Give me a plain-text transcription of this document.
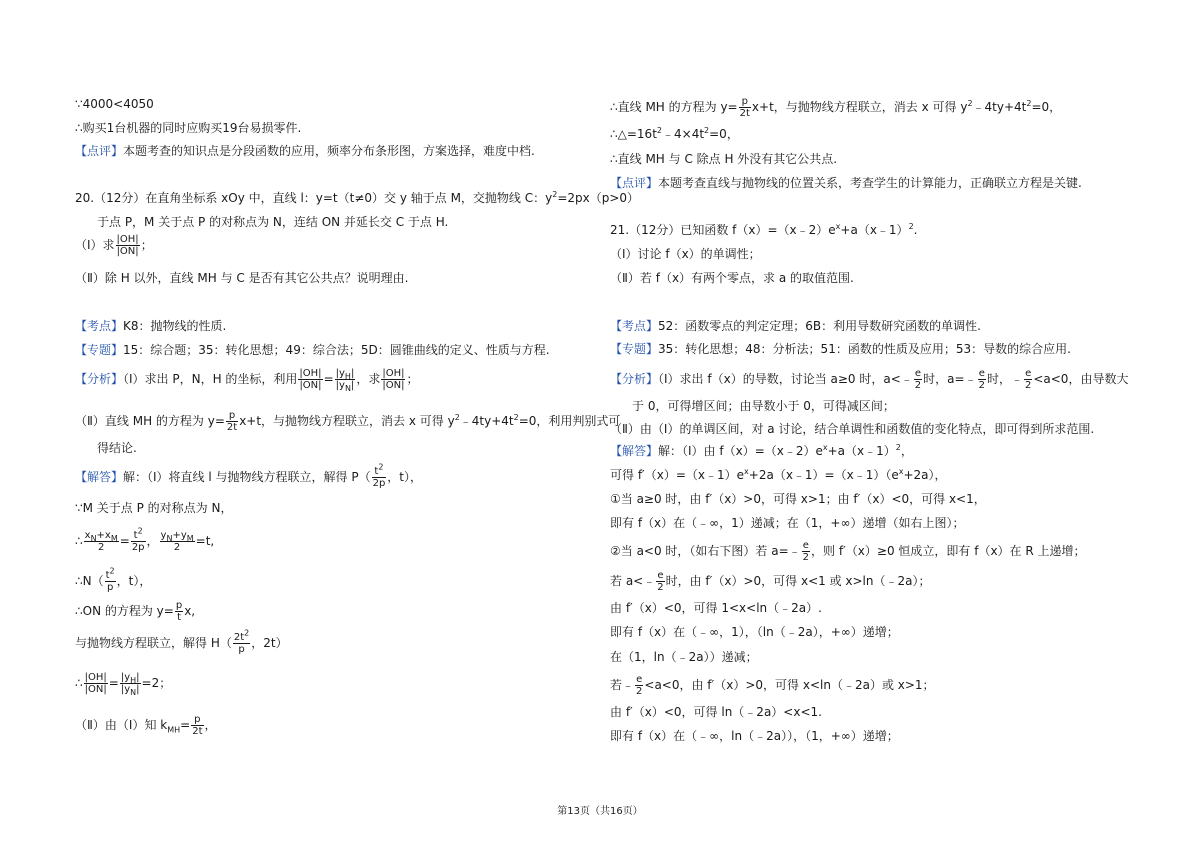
∵4000<4050
∴购买1台机器的同时应购买19台易损零件.
【点评】本题考查的知识点是分段函数的应用，频率分布条形图，方案选择，难度中档.
20.（12分）在直角坐标系 xOy 中，直线 l：y=t（t≠0）交 y 轴于点 M，交抛物线 C：$y^2=2px(p>0)$
于点 P，M 关于点 P 的对称点为 N，连结 ON 并延长交 C 于点 H.
（Ⅰ）求 $\frac{|OH|}{|ON|}$ ；
（Ⅱ）除 H 以外，直线 MH 与 C 是否有其它公共点？说明理由.
【考点】K8：抛物线的性质.
【专题】15：综合题；35：转化思想；49：综合法；5D：圆锥曲线的定义、性质与方程.
【分析】（Ⅰ）求出 P，N，H 的坐标，利用 $\frac{|OH|}{|ON|} = \frac{|y_H|}{|y_N|}$ ，求 $\frac{|OH|}{|ON|}$ ；
（Ⅱ）直线 MH 的方程为 $y= \frac{p}{2t} x+t$，与抛物线方程联立，消去 x 可得 $y^2﹣4ty+4t^2=0$，利用判别式可
得结论.
【解答】解：（Ⅰ）将直线 l 与抛物线方程联立，解得 $P( \frac{t^2}{2p}$ ，t），
∵M 关于点 P 的对称点为 N，
∴ $\frac{x_N+x_M}{2} = \frac{t^2}{2p}$ ， $\frac{y_N+y_M}{2} =t$,
∴N（ $\frac{t^2}{p}$ ，t），
∴ON 的方程为 $y= \frac{p}{t} x$,
与抛物线方程联立，解得 $H( \frac{2t^2}{p}$ ，2t）
∴ $\frac{|OH|}{|ON|} = \frac{|y_H|}{|y_N|} =2$；
（Ⅱ）由（Ⅰ）知 $k_{MH}= \frac{p}{2t}$ ，
∴直线 MH 的方程为 $y= \frac{p}{2t} x+t$，与抛物线方程联立，消去 x 可得 $y^2﹣4ty+4t^2=0$，
$\therefore\triangle=16t^2﹣4\times 4t^2=0$，
∴直线 MH 与 C 除点 H 外没有其它公共点.
【点评】本题考查直线与抛物线的位置关系，考查学生的计算能力，正确联立方程是关键.
21.（12分）已知函数 $f(x)=(x﹣2)e^x+a(x﹣1)^2$.
（Ⅰ）讨论 f（x）的单调性；
（Ⅱ）若 f（x）有两个零点，求 a 的取值范围.
【考点】52：函数零点的判定定理；6B：利用导数研究函数的单调性.
【专题】35：转化思想；48：分析法；51：函数的性质及应用；53：导数的综合应用.
【分析】（Ⅰ）求出 f（x）的导数，讨论当 a≥0 时，a<﹣ $\frac{e}{2}$ 时，a=﹣ $\frac{e}{2}$ 时，﹣ $\frac{e}{2} <a<0$，由导数大
于 0，可得增区间；由导数小于 0，可得减区间；
（Ⅱ）由（Ⅰ）的单调区间，对 a 讨论，结合单调性和函数值的变化特点，即可得到所求范围.
【解答】解：（Ⅰ）由 $f(x)=(x﹣2)e^x+a(x﹣1)^2$，
可得 $f'(x)=(x﹣1)e^x+2a(x﹣1)=(x﹣1)(e^x+2a)$，
①当 a≥0 时，由 f′（x）>0，可得 x>1；由 f′（x）<0，可得 x<1，
即有 f（x）在（﹣∞，1）递减；在（1，+∞）递增（如右上图）；
②当 a<0 时，（如右下图）若 a=﹣ $\frac{e}{2}$ ，则 f′（x）≥0 恒成立，即有 f（x）在 R 上递增；
若 a<﹣ $\frac{e}{2}$ 时，由 f′（x）>0，可得 x<1 或 x>ln（﹣2a）；
由 f′（x）<0，可得 1<x<ln（﹣2a）.
即有 f（x）在（﹣∞，1），（ln（﹣2a），+∞）递增；
在（1，ln（﹣2a））递减；
若﹣ $\frac{e}{2} <a<0$，由 f′（x）>0，可得 x<ln（﹣2a）或 x>1；
由 f′（x）<0，可得 ln（﹣2a）<x<1.
即有 f（x）在（﹣∞，ln（﹣2a）），（1，+∞）递增；
第13页（共16页）
